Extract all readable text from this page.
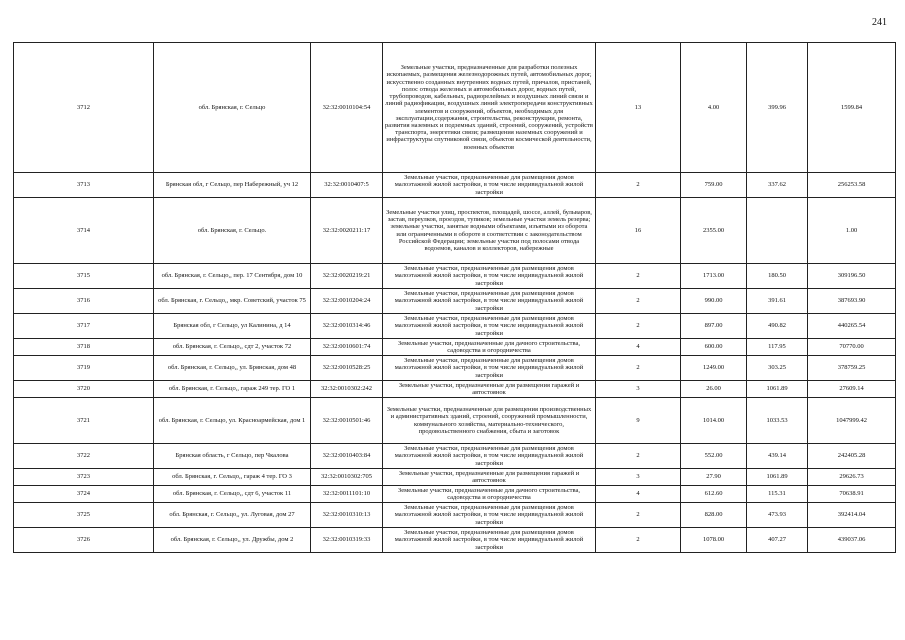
241
3712	обл. Брянская, г. Сельцо	32:32:0010104:54	Земельные участки, предназначенные для разработки полезных ископаемых, размещения железнодорожных путей, автомобильных дорог, искусственно созданных внутренних водных путей, причалов, пристаней, полос отвода железных и автомобильных дорог, водных путей, трубопроводов, кабельных, радиорелейных и воздушных линий связи и линий радиофикации, воздушных линий электропередачи конструктивных элементов и сооружений, объектов, необходимых для эксплуатации,содержания, строительства, реконструкции, ремонта, развития наземных и подземных зданий, строений, сооружений, устройств транспорта, энергетики связи; размещения наземных сооружений и инфраструктуры спутниковой связи, объектов космической деятельности, военных объектов	13	4.00	399.96	1599.84
3713	Брянская обл, г Сельцо, пер Набережный, уч 12	32:32:0010407:5	Земельные участки, предназначенные для размещения домов малоэтажной жилой застройки, в том числе индивидуальной жилой застройки	2	759.00	337.62	256253.58
3714	обл. Брянская, г. Сельцо.	32:32:0020211:17	Земельные участки улиц, проспектов, площадей, шоссе, аллей, бульваров, застав, переулков, проездов, тупиков; земельные участки земель резерва; земельные участки, занятые водными объектами, изъятыми из оборота или ограниченными в обороте в соответствии с законодательством Российской Федерации; земельные участки под полосами отвода водоемов, каналов и коллекторов, набережные	16	2355.00		1.00
3715	обл. Брянская, г. Сельцо,, пер. 17 Сентября, дом 10	32:32:0020219:21	Земельные участки, предназначенные для размещения домов малоэтажной жилой застройки, в том числе индивидуальной жилой застройки	2	1713.00	180.50	309196.50
3716	обл. Брянская, г. Сельцо,, мкр. Советский, участок 75	32:32:0010204:24	Земельные участки, предназначенные для размещения домов малоэтажной жилой застройки, в том числе индивидуальной жилой застройки	2	990.00	391.61	387693.90
3717	Брянская обл, г Сельцо, ул Калинина, д 14	32:32:0010314:46	Земельные участки, предназначенные для размещения домов малоэтажной жилой застройки, в том числе индивидуальной жилой застройки	2	897.00	490.82	440265.54
3718	обл. Брянская, г. Сельцо,, сдт 2, участок 72	32:32:0010601:74	Земельные участки, предназначенные для дачного строительства, садоводства и огородничества	4	600.00	117.95	70770.00
3719	обл. Брянская, г. Сельцо,, ул. Брянская, дом 48	32:32:0010528:25	Земельные участки, предназначенные для размещения домов малоэтажной жилой застройки, в том числе индивидуальной жилой застройки	2	1249.00	303.25	378759.25
3720	обл. Брянская, г. Сельцо,, гараж 249 тер. ГО 1	32:32:0010302:242	Земельные участки, предназначенные для размещения гаражей и автостоянок	3	26.00	1061.89	27609.14
3721	обл. Брянская, г. Сельцо, ул. Красноармейская, дом 1	32:32:0010501:46	Земельные участки, предназначенные для размещения производственных и административных зданий, строений, сооружений промышленности, коммунального хозяйства, материально-технического, продовольственного снабжения, сбыта и заготовок	9	1014.00	1033.53	1047999.42
3722	Брянская область, г Сельцо, пер Чкалова	32:32:0010403:84	Земельные участки, предназначенные для размещения домов малоэтажной жилой застройки, в том числе индивидуальной жилой застройки	2	552.00	439.14	242405.28
3723	обл. Брянская, г. Сельцо,, гараж 4 тер. ГО 3	32:32:0010302:705	Земельные участки, предназначенные для размещения гаражей и автостоянок	3	27.90	1061.89	29626.73
3724	обл. Брянская, г. Сельцо,, сдт 6, участок 11	32:32:0011101:10	Земельные участки, предназначенные для дачного строительства, садоводства и огородничества	4	612.60	115.31	70638.91
3725	обл. Брянская, г. Сельцо,, ул. Луговая, дом 27	32:32:0010310:13	Земельные участки, предназначенные для размещения домов малоэтажной жилой застройки, в том числе индивидуальной жилой застройки	2	828.00	473.93	392414.04
3726	обл. Брянская, г. Сельцо,, ул. Дружбы, дом 2	32:32:0010319:33	Земельные участки, предназначенные для размещения домов малоэтажной жилой застройки, в том числе индивидуальной жилой застройки	2	1078.00	407.27	439037.06
